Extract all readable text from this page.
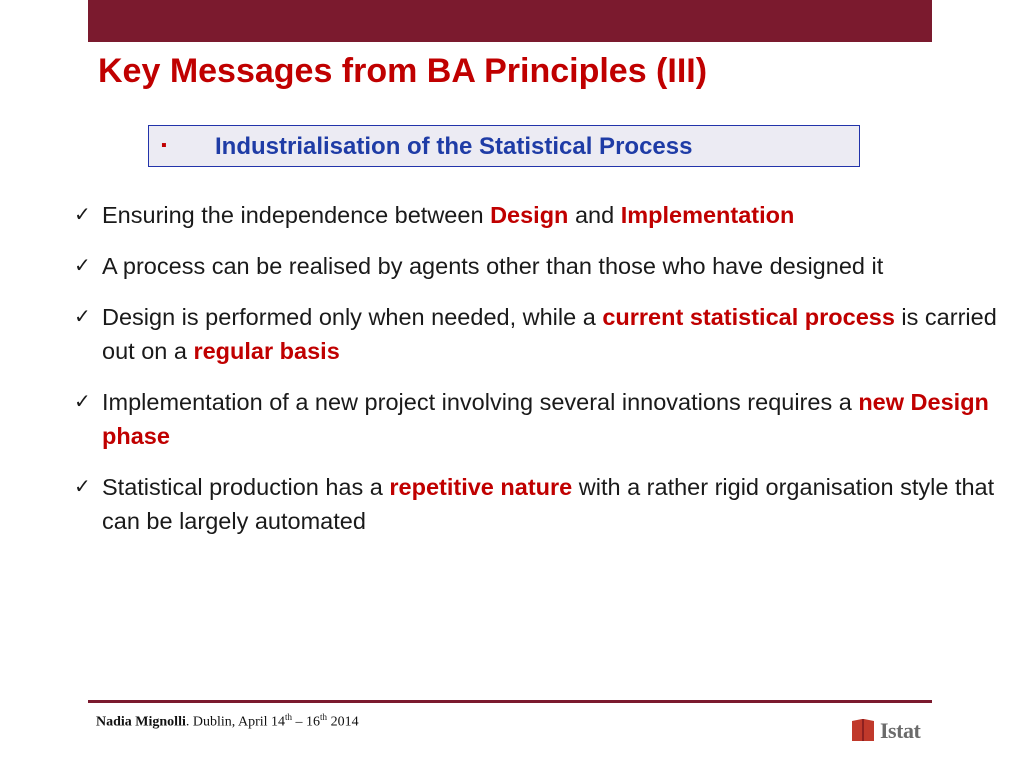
Key Messages from BA Principles (III)
▪ Industrialisation of the Statistical Process
✓ Ensuring the independence between Design and Implementation
✓ A process can be realised by agents other than those who have designed it
✓ Design is performed only when needed, while a current statistical process is carried out on a regular basis
✓ Implementation of a new project involving several innovations requires a new Design phase
✓ Statistical production has a repetitive nature with a rather rigid organisation style that can be largely automated
Nadia Mignolli. Dublin, April 14th – 16th 2014	Istat
